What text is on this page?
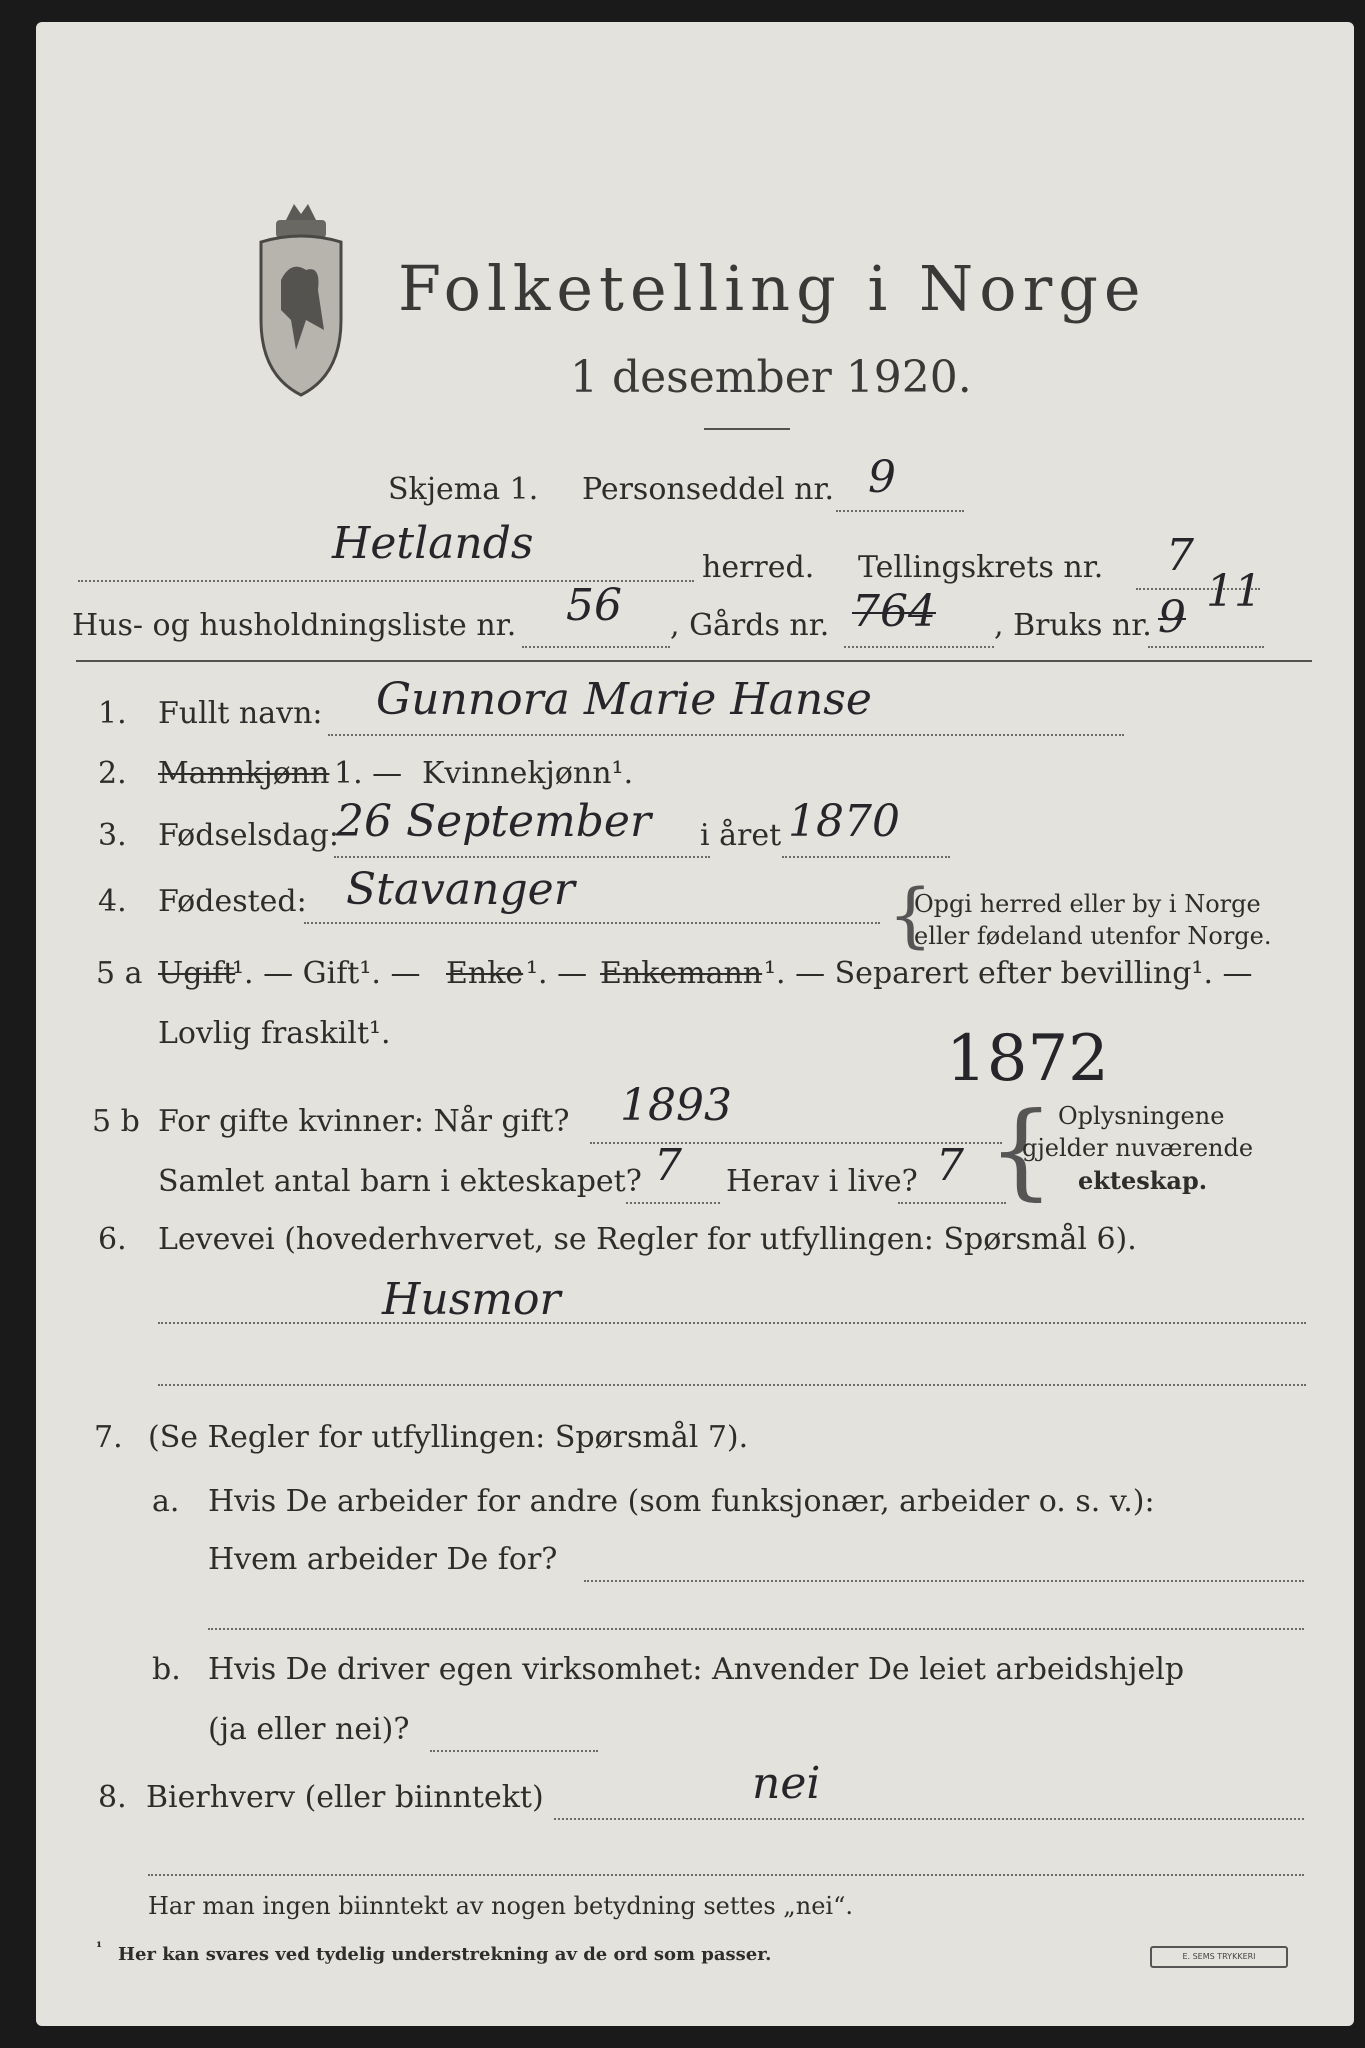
Folketelling i Norge
1 desember 1920.
Skjema 1. Personseddel nr. 9
Hetlands	herred. Tellingskrets nr. 7
Hus- og husholdningsliste nr. 56 , Gårds nr. 764 , Bruks nr. 9
11
1. Fullt navn: Gunnora Marie Hanse
2. Mannkjønn 1. — Kvinnekjønn¹.
3. Fødselsdag:
26 September i året 1870
4. Fødested: Stavanger	{
Opgi herred eller by i Norge
eller fødeland utenfor Norge.
5 a Ugift
¹. — Gift¹. — Enke ¹. — Enkemann ¹. — Separert efter bevilling¹. —
Lovlig fraskilt¹.	1872
5 b For gifte kvinner: Når gift? 1893
Samlet antal barn i ekteskapet? 7 Herav i live? 7 { Oplysningene
gjelder nuværende
ekteskap.
6. Levevei (hovederhvervet, se Regler for utfyllingen: Spørsmål 6).
Husmor
7. (Se Regler for utfyllingen: Spørsmål 7).
a. Hvis De arbeider for andre (som funksjonær, arbeider o. s. v.):
Hvem arbeider De for?
b. Hvis De driver egen virksomhet: Anvender De leiet arbeidshjelp
(ja eller nei)?
8. Bierhverv (eller biinntekt)	nei
Har man ingen biinntekt av nogen betydning settes „nei“.
¹ Her kan svares ved tydelig understrekning av de ord som passer.	E. SEMS TRYKKERI
